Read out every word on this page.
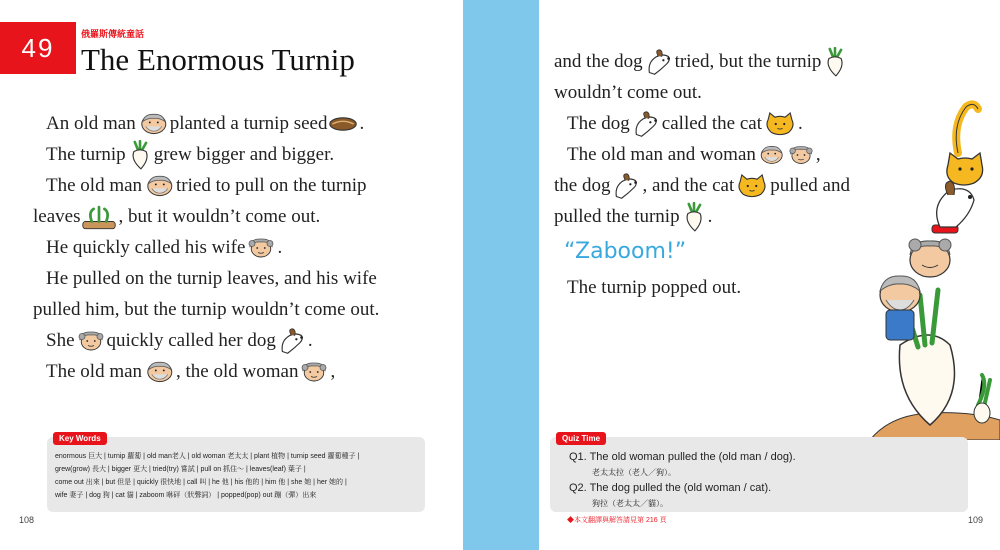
49	俄羅斯傳統童話
The Enormous Turnip
An old man planted a turnip seed .
The turnip grew bigger and bigger.
The old man tried to pull on the turnip
leaves , but it wouldn’t come out.
He quickly called his wife .
He pulled on the turnip leaves, and his wife
pulled him, but the turnip wouldn’t come out.
She quickly called her dog .
The old man , the old woman ,
and the dog tried, but the turnip
wouldn’t come out.
The dog called the cat .
The old man and woman	,
the dog , and the cat pulled and
pulled the turnip .
“Zaboom!”
The turnip popped out.
Key Words
enormous 巨大 | turnip 蘿蔔 | old man老人 | old woman 老太太 | plant 植物 | turnip seed 蘿蔔種子 |
grew(grow) 長大 | bigger 更大 | tried(try) 嘗試 | pull on 抓住～ | leaves(leaf) 葉子 |
come out 出來 | but 但是 | quickly 很快地 | call 叫 | he 他 | his 他的 | him 他 | she 她 | her 她的 |
wife 妻子 | dog 狗 | cat 貓 | zaboom 咻砰（狀聲詞） | popped(pop) out 蹦（彈）出來
Quiz Time
Q1. The old woman pulled the (old man / dog).
老太太拉（老人／狗）。
Q2. The dog pulled the (old woman / cat).
狗拉（老太太／貓）。
108	◆本文翻譯與解答請見第 216 頁	109
